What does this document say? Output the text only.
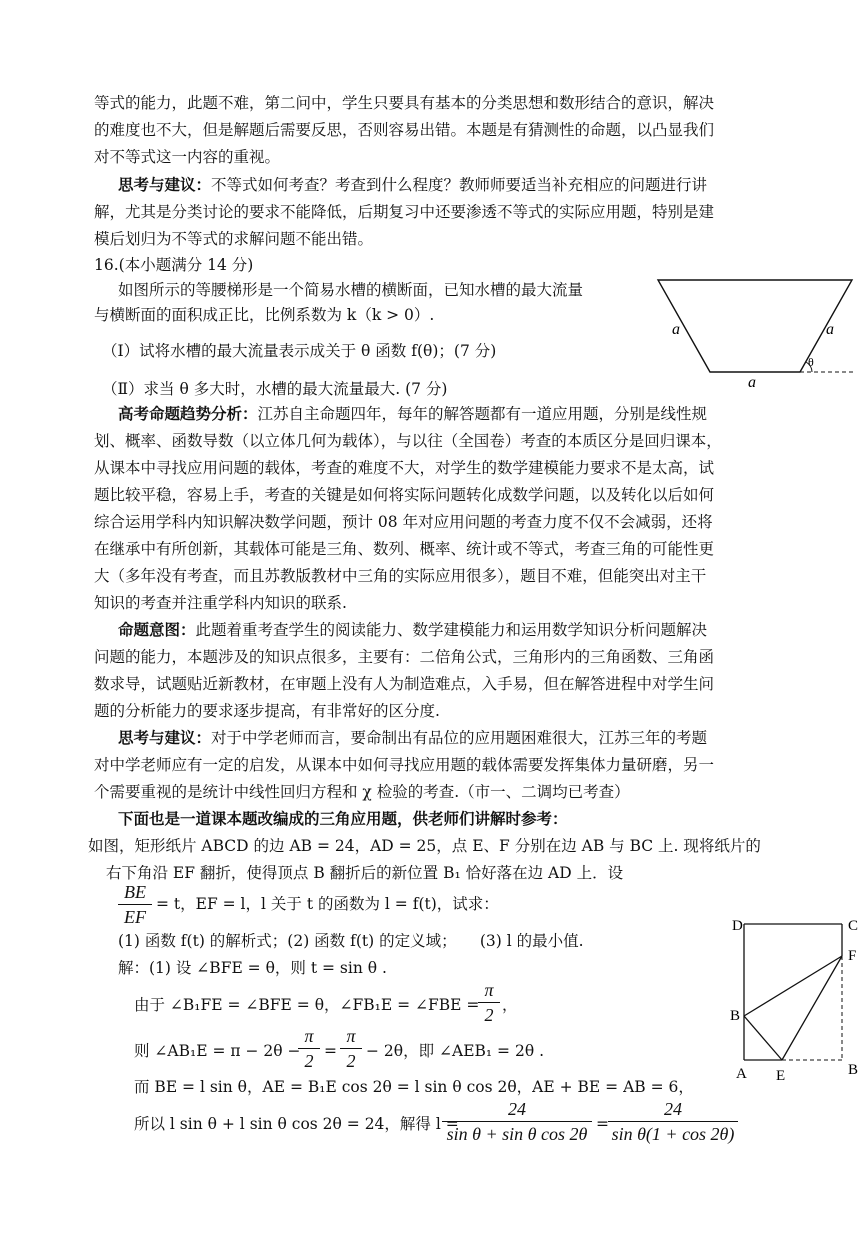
等式的能力，此题不难，第二问中，学生只要具有基本的分类思想和数形结合的意识，解决
的难度也不大，但是解题后需要反思，否则容易出错。本题是有猜测性的命题，以凸显我们
对不等式这一内容的重视。
思考与建议：不等式如何考查？考查到什么程度？教师师要适当补充相应的问题进行讲
解，尤其是分类讨论的要求不能降低，后期复习中还要渗透不等式的实际应用题，特别是建
模后划归为不等式的求解问题不能出错。
16.(本小题满分 14 分)
如图所示的等腰梯形是一个简易水槽的横断面，已知水槽的最大流量
与横断面的面积成正比，比例系数为 k（k > 0）.
（Ⅰ）试将水槽的最大流量表示成关于 θ 函数 f(θ)；(7 分)
（Ⅱ）求当 θ 多大时，水槽的最大流量最大. (7 分)
a	a
a
θ
高考命题趋势分析：江苏自主命题四年，每年的解答题都有一道应用题，分别是线性规
划、概率、函数导数（以立体几何为载体），与以往（全国卷）考查的本质区分是回归课本，
从课本中寻找应用问题的载体，考查的难度不大，对学生的数学建模能力要求不是太高，试
题比较平稳，容易上手，考查的关键是如何将实际问题转化成数学问题，以及转化以后如何
综合运用学科内知识解决数学问题，预计 08 年对应用问题的考查力度不仅不会减弱，还将
在继承中有所创新，其载体可能是三角、数列、概率、统计或不等式，考查三角的可能性更
大（多年没有考查，而且苏教版教材中三角的实际应用很多），题目不难，但能突出对主干
知识的考查并注重学科内知识的联系.
命题意图：此题着重考查学生的阅读能力、数学建模能力和运用数学知识分析问题解决
问题的能力，本题涉及的知识点很多，主要有：二倍角公式，三角形内的三角函数、三角函
数求导，试题贴近新教材，在审题上没有人为制造难点，入手易，但在解答进程中对学生问
题的分析能力的要求逐步提高，有非常好的区分度.
思考与建议：对于中学老师而言，要命制出有品位的应用题困难很大，江苏三年的考题
对中学老师应有一定的启发，从课本中如何寻找应用题的载体需要发挥集体力量研磨，另一
个需要重视的是统计中线性回归方程和 χ 检验的考查.（市一、二调均已考查）
下面也是一道课本题改编成的三角应用题，供老师们讲解时参考：
如图，矩形纸片 ABCD 的边 AB = 24，AD = 25，点 E、F 分别在边 AB 与 BC 上. 现将纸片的
右下角沿 EF 翻折，使得顶点 B 翻折后的新位置 B₁ 恰好落在边 AD 上．设
$\frac{BE}{EF} = t$，EF = l，l 关于 t 的函数为 l = f(t)，试求：
(1) 函数 f(t) 的解析式；(2) 函数 f(t) 的定义域；　　(3) l 的最小值.
解：(1) 设 ∠BFE = θ，则 t = sin θ .
由于 ∠B₁FE = ∠BFE = θ，∠FB₁E = ∠FBE =
$\frac{\pi}{2}$ ，
则 ∠AB₁E = π − 2θ −
$\frac{\pi}{2} = \frac{\pi}{2} - 2\theta$，即 ∠AEB₁ = 2θ .
而 BE = l sin θ，AE = B₁E cos 2θ = l sin θ cos 2θ，AE + BE = AB = 6，
所以 l sin θ + l sin θ cos 2θ = 24，解得 l =
$\frac{24}{\text{sin θ + sin θ cos 2θ}} = \frac{24}{\text{sin θ(1 + cos 2θ)}}$
D	C
F
B
A E	B
